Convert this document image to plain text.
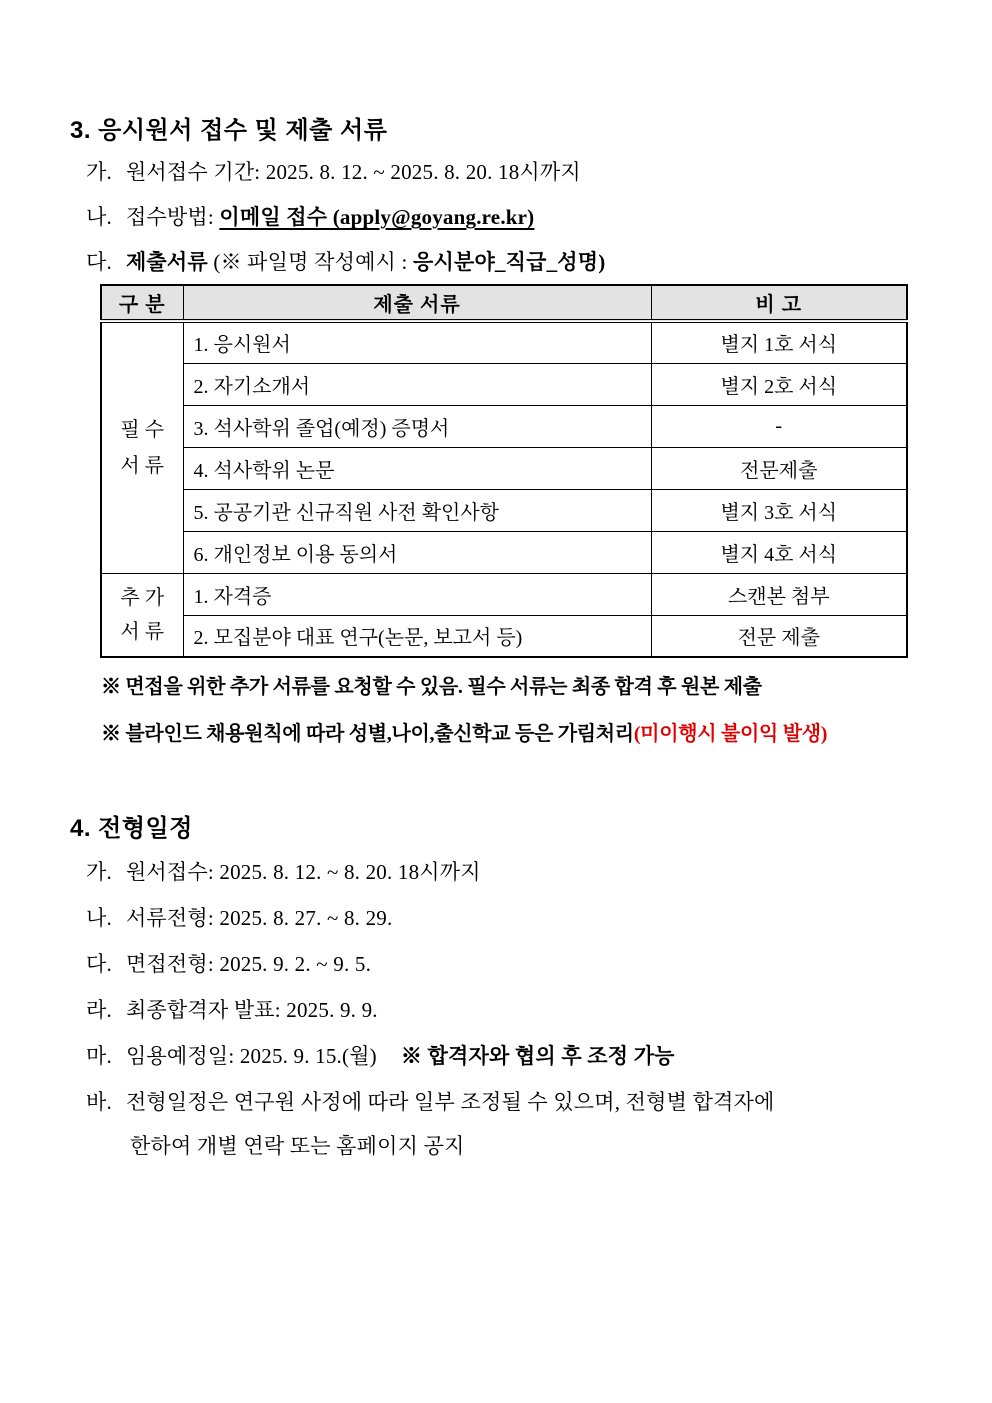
3. 응시원서 접수 및 제출 서류
가. 원서접수 기간: 2025. 8. 12. ~ 2025. 8. 20. 18시까지
나. 접수방법: 이메일 접수 (apply@goyang.re.kr)
다. 제출서류 (※ 파일명 작성예시 : 응시분야_직급_성명)
구 분	제출 서류	비 고

필 수
서 류	1. 응시원서	별지 1호 서식
	2. 자기소개서	별지 2호 서식
	3. 석사학위 졸업(예정) 증명서	-
	4. 석사학위 논문	전문제출
	5. 공공기관 신규직원 사전 확인사항	별지 3호 서식
	6. 개인정보 이용 동의서	별지 4호 서식

추 가
서 류	1. 자격증	스캔본 첨부
	2. 모집분야 대표 연구(논문, 보고서 등)	전문 제출
※ 면접을 위한 추가 서류를 요청할 수 있음. 필수 서류는 최종 합격 후 원본 제출
※ 블라인드 채용원칙에 따라 성별,나이,출신학교 등은 가림처리(미이행시 불이익 발생)
4. 전형일정
가. 원서접수: 2025. 8. 12. ~ 8. 20. 18시까지
나. 서류전형: 2025. 8. 27. ~ 8. 29.
다. 면접전형: 2025. 9. 2. ~ 9. 5.
라. 최종합격자 발표: 2025. 9. 9.
마. 임용예정일: 2025. 9. 15.(월) ※ 합격자와 협의 후 조정 가능
바. 전형일정은 연구원 사정에 따라 일부 조정될 수 있으며, 전형별 합격자에
한하여 개별 연락 또는 홈페이지 공지
